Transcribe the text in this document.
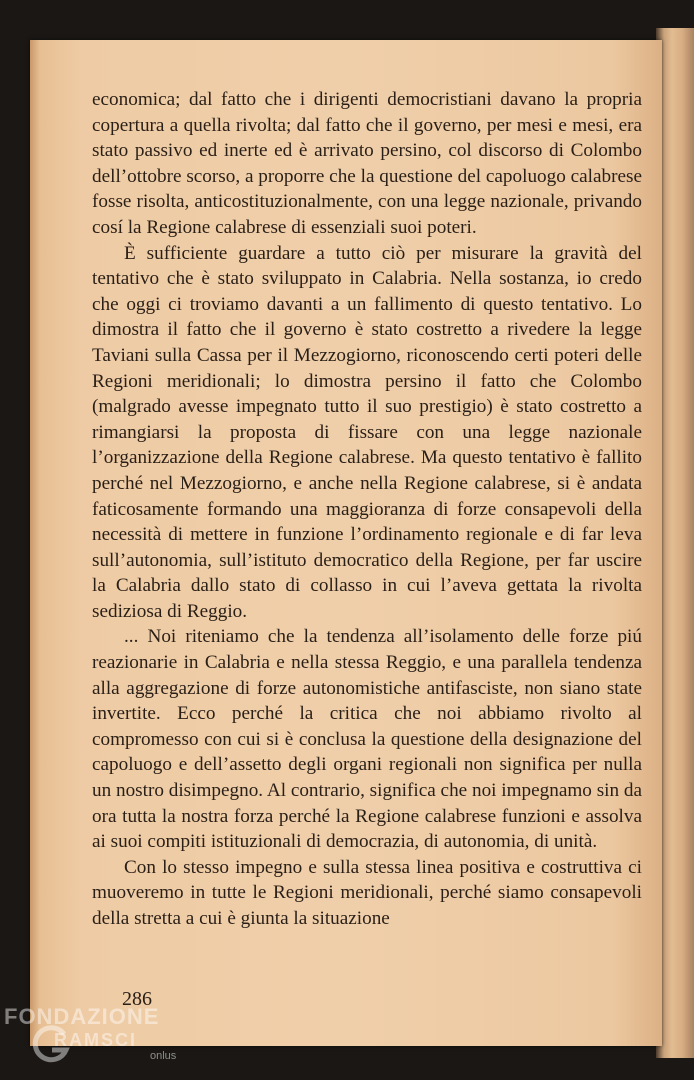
economica; dal fatto che i dirigenti democristiani davano la propria copertura a quella rivolta; dal fatto che il governo, per mesi e mesi, era stato passivo ed inerte ed è arrivato persino, col discorso di Colombo dell’ottobre scorso, a proporre che la questione del capoluogo calabrese fosse risolta, anticostituzionalmente, con una legge nazionale, privando cosí la Regione calabrese di essenziali suoi poteri.

È sufficiente guardare a tutto ciò per misurare la gravità del tentativo che è stato sviluppato in Calabria. Nella sostanza, io credo che oggi ci troviamo davanti a un fallimento di questo tentativo. Lo dimostra il fatto che il governo è stato costretto a rivedere la legge Taviani sulla Cassa per il Mezzogiorno, riconoscendo certi poteri delle Regioni meridionali; lo dimostra persino il fatto che Colombo (malgrado avesse impegnato tutto il suo prestigio) è stato costretto a rimangiarsi la proposta di fissare con una legge nazionale l’organizzazione della Regione calabrese. Ma questo tentativo è fallito perché nel Mezzogiorno, e anche nella Regione calabrese, si è andata faticosamente formando una maggioranza di forze consapevoli della necessità di mettere in funzione l’ordinamento regionale e di far leva sull’autonomia, sull’istituto democratico della Regione, per far uscire la Calabria dallo stato di collasso in cui l’aveva gettata la rivolta sediziosa di Reggio.

... Noi riteniamo che la tendenza all’isolamento delle forze piú reazionarie in Calabria e nella stessa Reggio, e una parallela tendenza alla aggregazione di forze autonomistiche antifasciste, non siano state invertite. Ecco perché la critica che noi abbiamo rivolto al compromesso con cui si è conclusa la questione della designazione del capoluogo e dell’assetto degli organi regionali non significa per nulla un nostro disimpegno. Al contrario, significa che noi impegnamo sin da ora tutta la nostra forza perché la Regione calabrese funzioni e assolva ai suoi compiti istituzionali di democrazia, di autonomia, di unità.

Con lo stesso impegno e sulla stessa linea positiva e costruttiva ci muoveremo in tutte le Regioni meridionali, perché siamo consapevoli della stretta a cui è giunta la situazione

286

FONDAZIONE

RAMSCI

onlus
